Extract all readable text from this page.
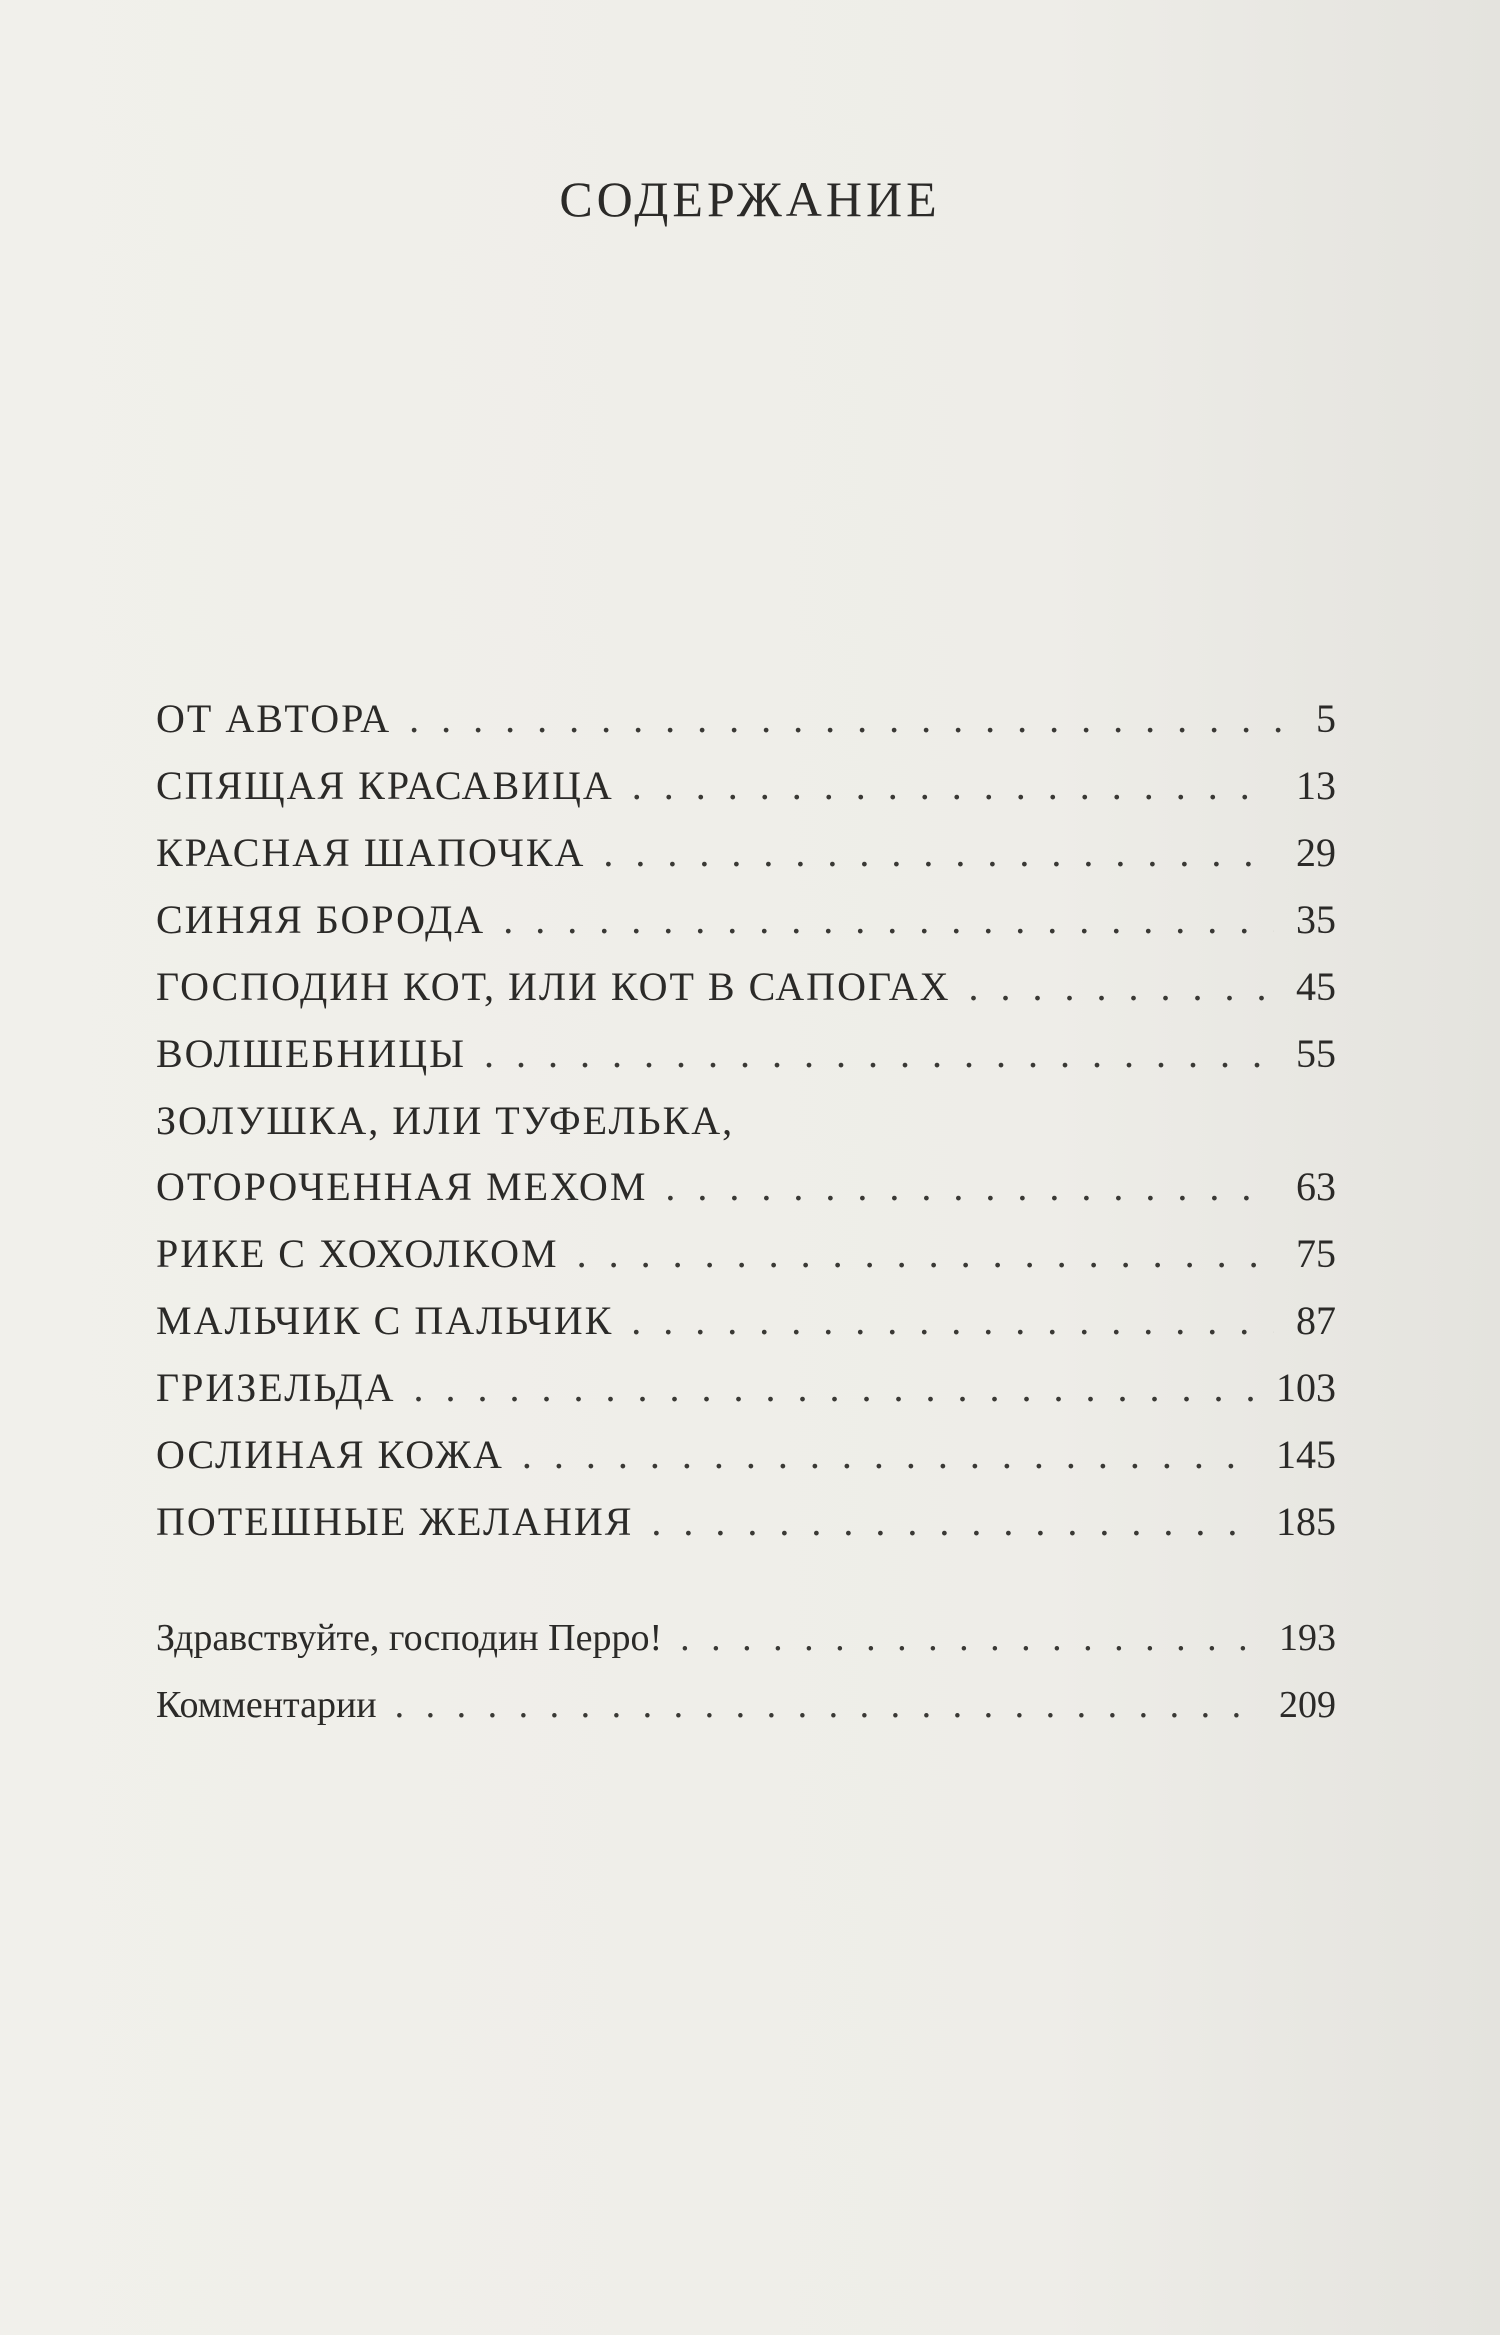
СОДЕРЖАНИЕ
ОТ АВТОРА . . .	5
СПЯЩАЯ КРАСАВИЦА . . .	13
КРАСНАЯ ШАПОЧКА . . .	29
СИНЯЯ БОРОДА . . .	35
ГОСПОДИН КОТ, ИЛИ КОТ В САПОГАХ . . .	45
ВОЛШЕБНИЦЫ . . .	55
ЗОЛУШКА, ИЛИ ТУФЕЛЬКА,
ОТОРОЧЕННАЯ МЕХОМ . . .	63
РИКЕ С ХОХОЛКОМ . . .	75
МАЛЬЧИК С ПАЛЬЧИК . . .	87
ГРИЗЕЛЬДА . . .	103
ОСЛИНАЯ КОЖА . . .	145
ПОТЕШНЫЕ ЖЕЛАНИЯ . . .	185
Здравствуйте, господин Перро! . . .	193
Комментарии . . .	209
